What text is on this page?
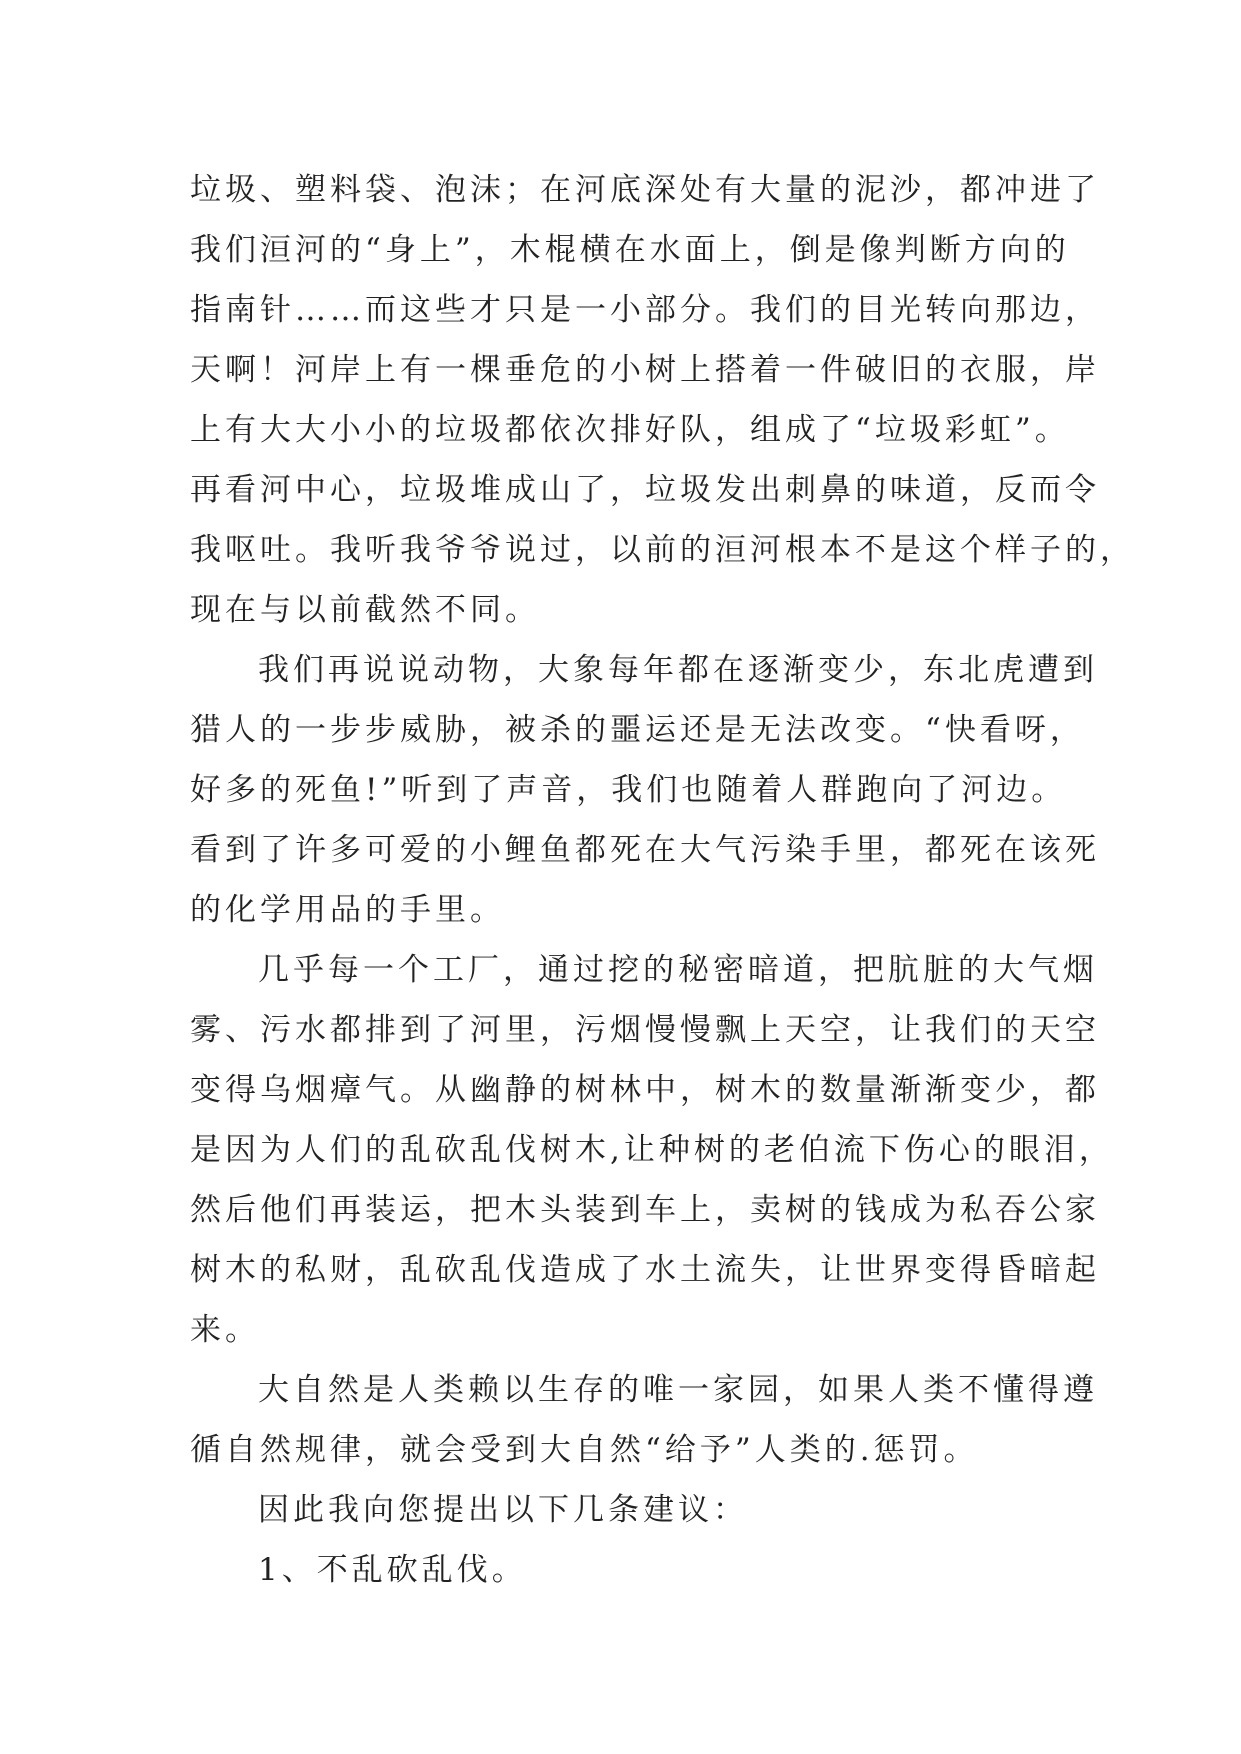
垃圾、塑料袋、泡沫；在河底深处有大量的泥沙，都冲进了
我们洹河的“身上”，木棍横在水面上，倒是像判断方向的
指南针……而这些才只是一小部分。我们的目光转向那边，
天啊！河岸上有一棵垂危的小树上搭着一件破旧的衣服，岸
上有大大小小的垃圾都依次排好队，组成了“垃圾彩虹”。
再看河中心，垃圾堆成山了，垃圾发出刺鼻的味道，反而令
我呕吐。我听我爷爷说过，以前的洹河根本不是这个样子的，
现在与以前截然不同。
我们再说说动物，大象每年都在逐渐变少，东北虎遭到
猎人的一步步威胁，被杀的噩运还是无法改变。“快看呀，
好多的死鱼!”听到了声音，我们也随着人群跑向了河边。
看到了许多可爱的小鲤鱼都死在大气污染手里，都死在该死
的化学用品的手里。
几乎每一个工厂，通过挖的秘密暗道，把肮脏的大气烟
雾、污水都排到了河里，污烟慢慢飘上天空，让我们的天空
变得乌烟瘴气。从幽静的树林中，树木的数量渐渐变少，都
是因为人们的乱砍乱伐树木,让种树的老伯流下伤心的眼泪，
然后他们再装运，把木头装到车上，卖树的钱成为私吞公家
树木的私财，乱砍乱伐造成了水土流失，让世界变得昏暗起
来。
大自然是人类赖以生存的唯一家园，如果人类不懂得遵
循自然规律，就会受到大自然“给予”人类的.惩罚。
因此我向您提出以下几条建议：
1、不乱砍乱伐。
